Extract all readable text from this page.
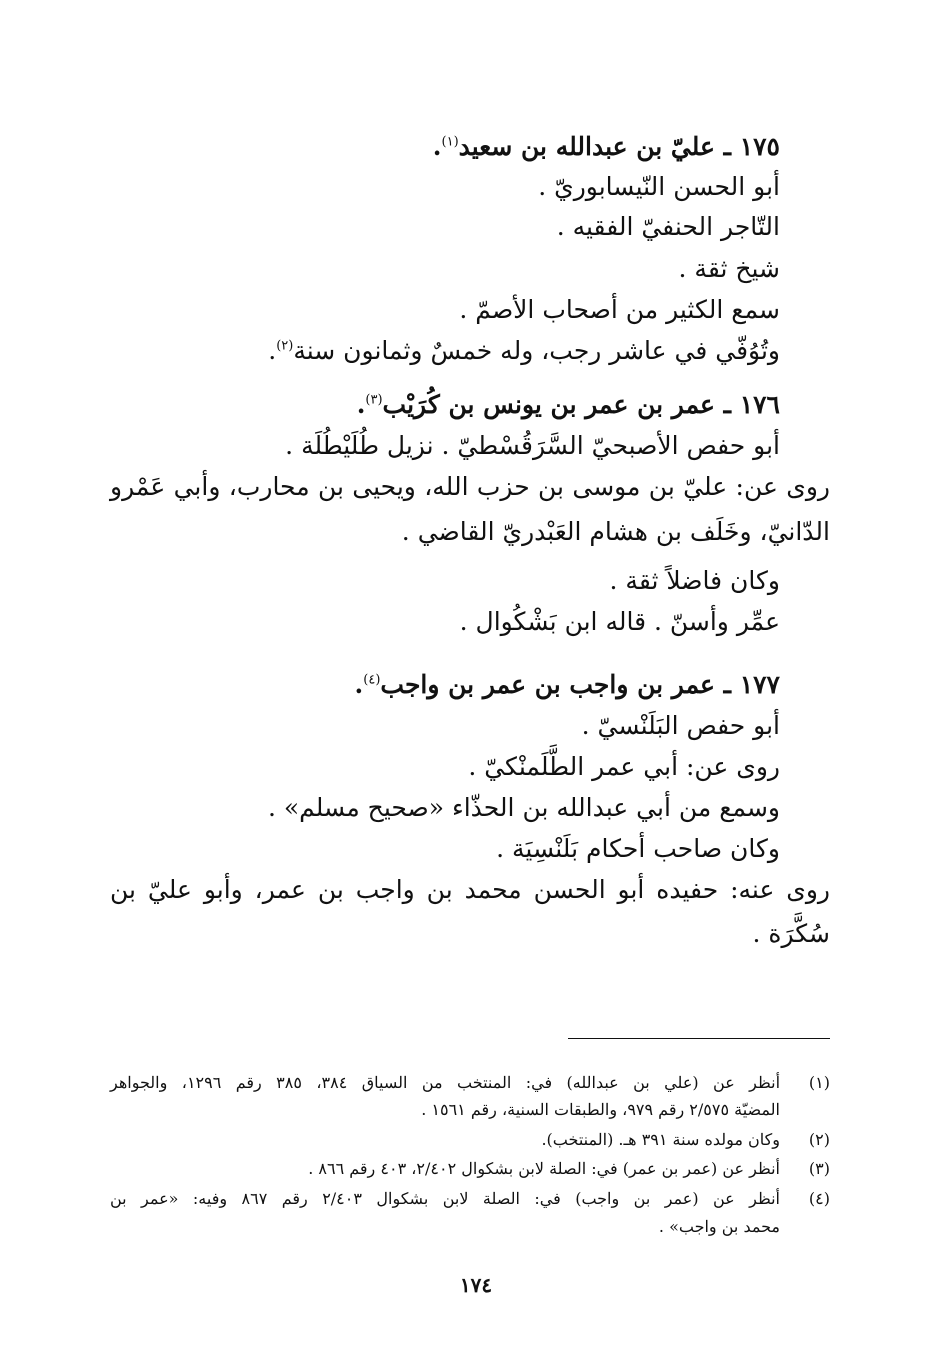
١٧٥ ـ عليّ بن عبدالله بن سعيد$^{(١)}$.
أبو الحسن النّيسابوريّ .
التّاجر الحنفيّ الفقيه .
شيخ ثقة .
سمع الكثير من أصحاب الأصمّ .
وتُوُفّي في عاشر رجب، وله خمسٌ وثمانون سنة$^{(٢)}$.
١٧٦ ـ عمر بن عمر بن يونس بن كُرَيْب$^{(٣)}$.
أبو حفص الأصبحيّ السَّرَقُسْطيّ . نزيل طُلَيْطُلَة .
روى عن: عليّ بن موسى بن حزب الله، ويحيى بن محارب، وأبي عَمْرو
الدّانيّ، وخَلَف بن هشام العَبْدريّ القاضي .
وكان فاضلاً ثقة .
عمِّر وأسنّ . قاله ابن بَشْكُوال .
١٧٧ ـ عمر بن واجب بن عمر بن واجب$^{(٤)}$.
أبو حفص البَلَنْسيّ .
روى عن: أبي عمر الطَّلَمنْكيّ .
وسمع من أبي عبدالله بن الحذّاء «صحيح مسلم» .
وكان صاحب أحكام بَلَنْسِيَة .
روى عنه: حفيده أبو الحسن محمد بن واجب بن عمر، وأبو عليّ بن
سُكَّرَة .
(١)
أنظر عن (علي بن عبدالله) في: المنتخب من السياق ٣٨٤، ٣٨٥ رقم ١٢٩٦، والجواهر
المضيّة ٢/٥٧٥ رقم ٩٧٩، والطبقات السنية، رقم ١٥٦١ .
(٢)
وكان مولده سنة ٣٩١ هـ. (المنتخب).
(٣)
أنظر عن (عمر بن عمر) في: الصلة لابن بشكوال ٢/٤٠٢، ٤٠٣ رقم ٨٦٦ .
(٤)
أنظر عن (عمر بن واجب) في: الصلة لابن بشكوال ٢/٤٠٣ رقم ٨٦٧ وفيه: «عمر بن
محمد بن واجب» .
١٧٤
